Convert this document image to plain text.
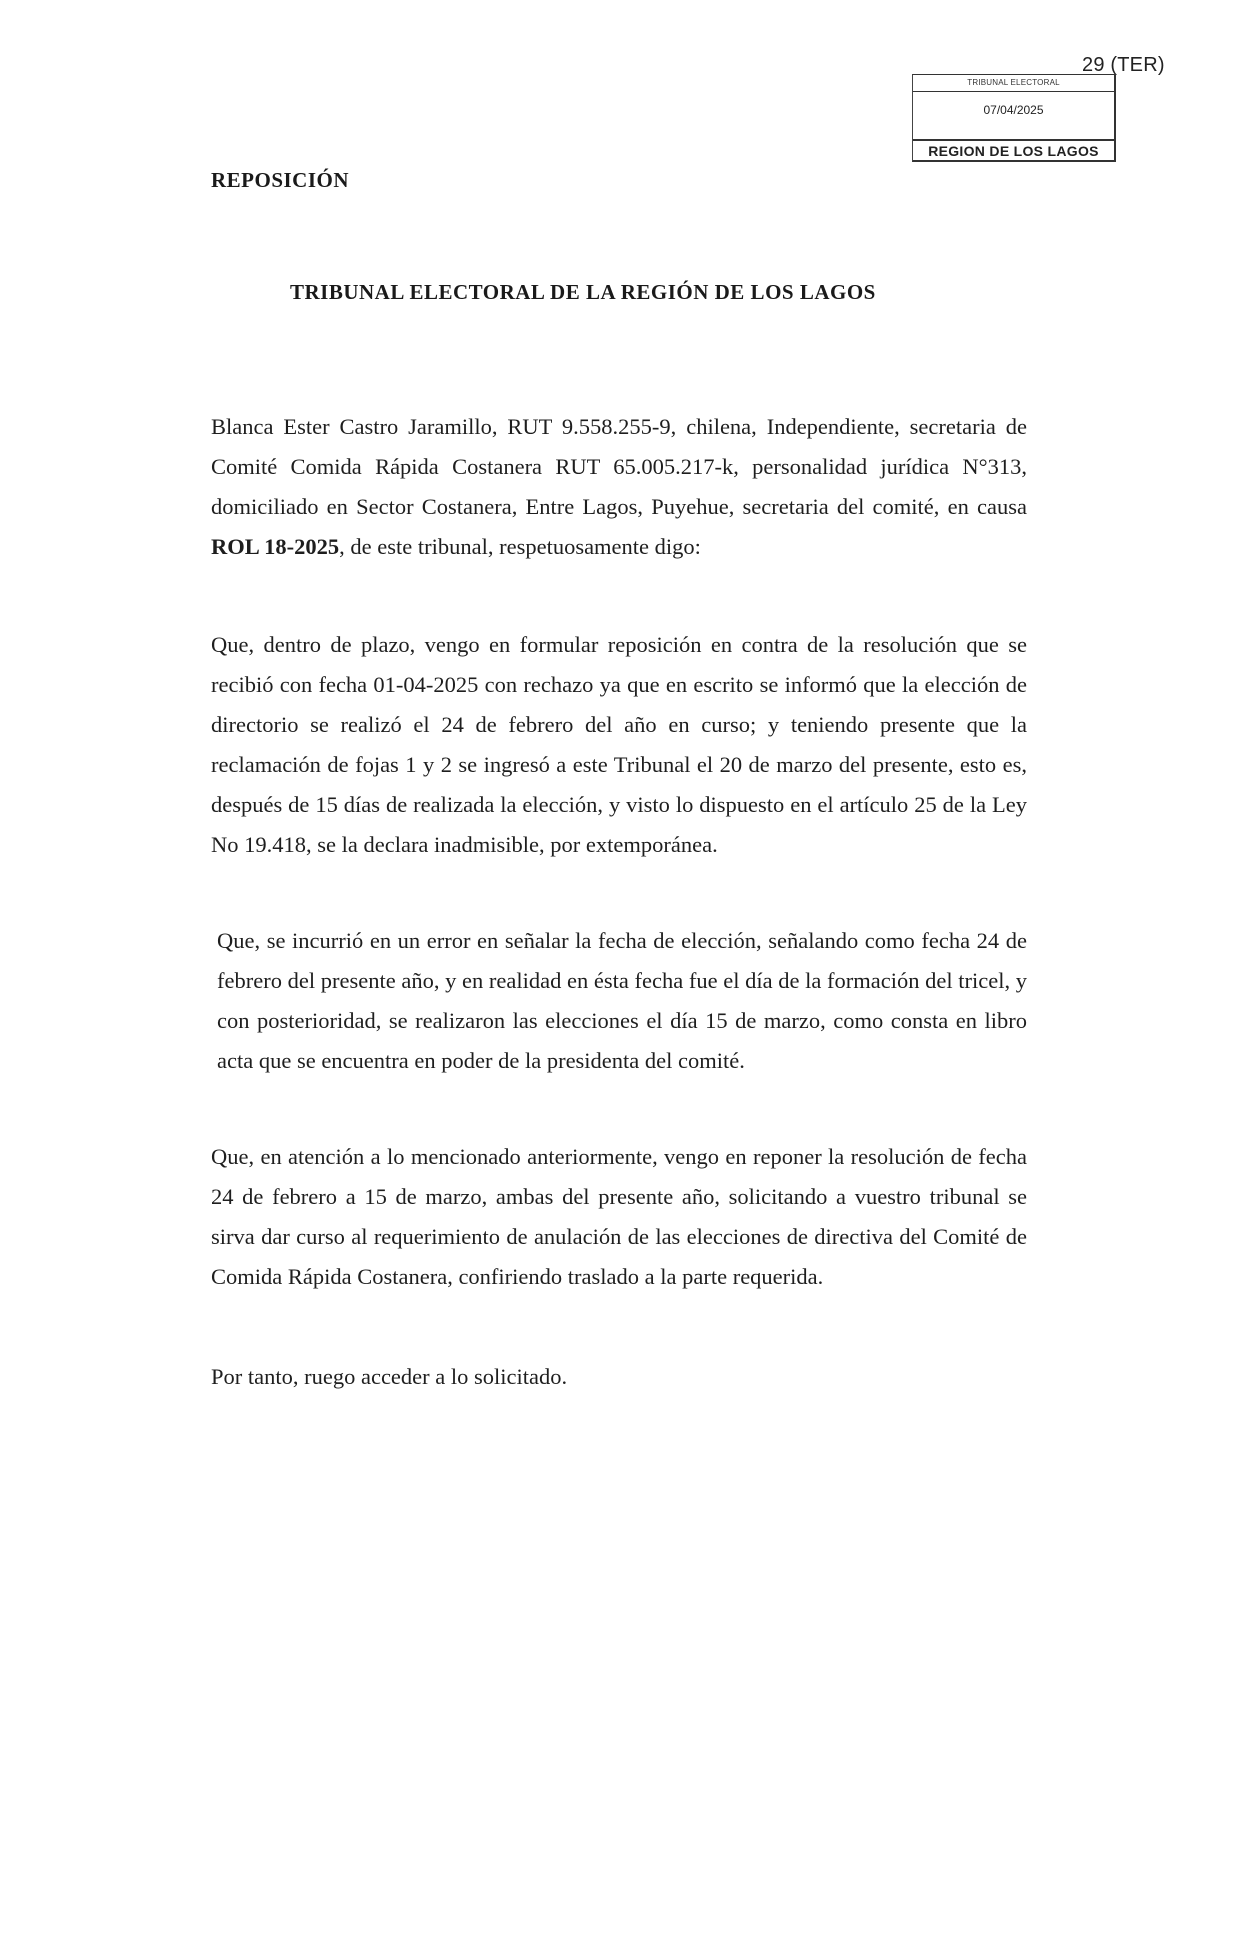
29 (TER)
TRIBUNAL ELECTORAL
07/04/2025
REGION DE LOS LAGOS
REPOSICIÓN
TRIBUNAL ELECTORAL DE LA REGIÓN DE LOS LAGOS

Blanca Ester Castro Jaramillo, RUT 9.558.255-9, chilena, Independiente, secretaria de Comité Comida Rápida Costanera RUT 65.005.217-k, personalidad jurídica N°313, domiciliado en Sector Costanera, Entre Lagos, Puyehue, secretaria del comité, en causa ROL 18-2025, de este tribunal, respetuosamente digo:

Que, dentro de plazo, vengo en formular reposición en contra de la resolución que se recibió con fecha 01-04-2025 con rechazo ya que en escrito se informó que la elección de directorio se realizó el 24 de febrero del año en curso; y teniendo presente que la reclamación de fojas 1 y 2 se ingresó a este Tribunal el 20 de marzo del presente, esto es, después de 15 días de realizada la elección, y visto lo dispuesto en el artículo 25 de la Ley No 19.418, se la declara inadmisible, por extemporánea.

Que, se incurrió en un error en señalar la fecha de elección, señalando como fecha 24 de febrero del presente año, y en realidad en ésta fecha fue el día de la formación del tricel, y con posterioridad, se realizaron las elecciones el día 15 de marzo, como consta en libro acta que se encuentra en poder de la presidenta del comité.

Que, en atención a lo mencionado anteriormente, vengo en reponer la resolución de fecha 24 de febrero a 15 de marzo, ambas del presente año, solicitando a vuestro tribunal se sirva dar curso al requerimiento de anulación de las elecciones de directiva del Comité de Comida Rápida Costanera, confiriendo traslado a la parte requerida.

Por tanto, ruego acceder a lo solicitado.
